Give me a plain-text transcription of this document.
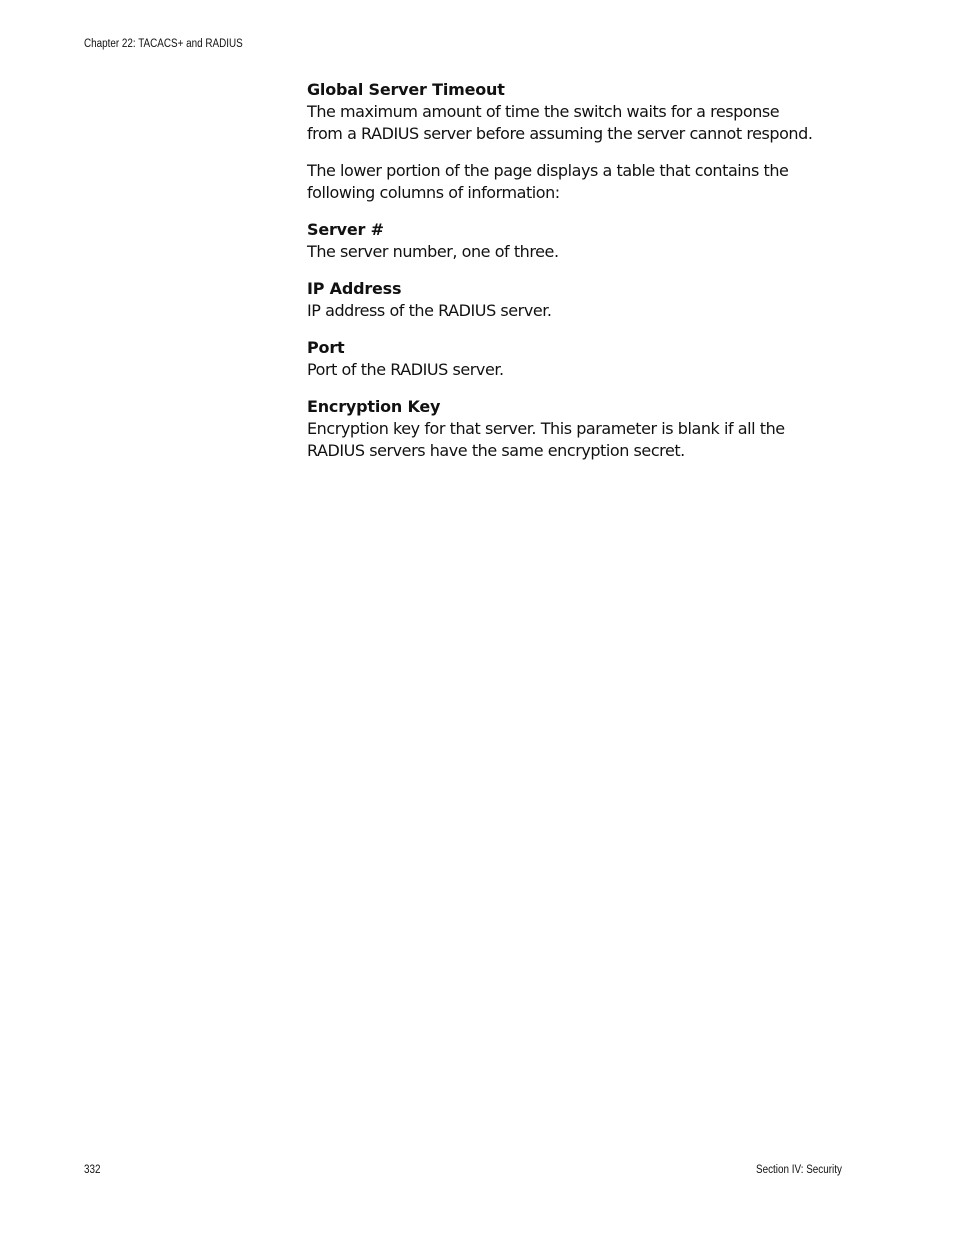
Chapter 22: TACACS+ and RADIUS
Global Server Timeout
The maximum amount of time the switch waits for a response
from a RADIUS server before assuming the server cannot respond.
The lower portion of the page displays a table that contains the
following columns of information:
Server #
The server number, one of three.
IP Address
IP address of the RADIUS server.
Port
Port of the RADIUS server.
Encryption Key
Encryption key for that server. This parameter is blank if all the
RADIUS servers have the same encryption secret.
332	Section IV: Security
